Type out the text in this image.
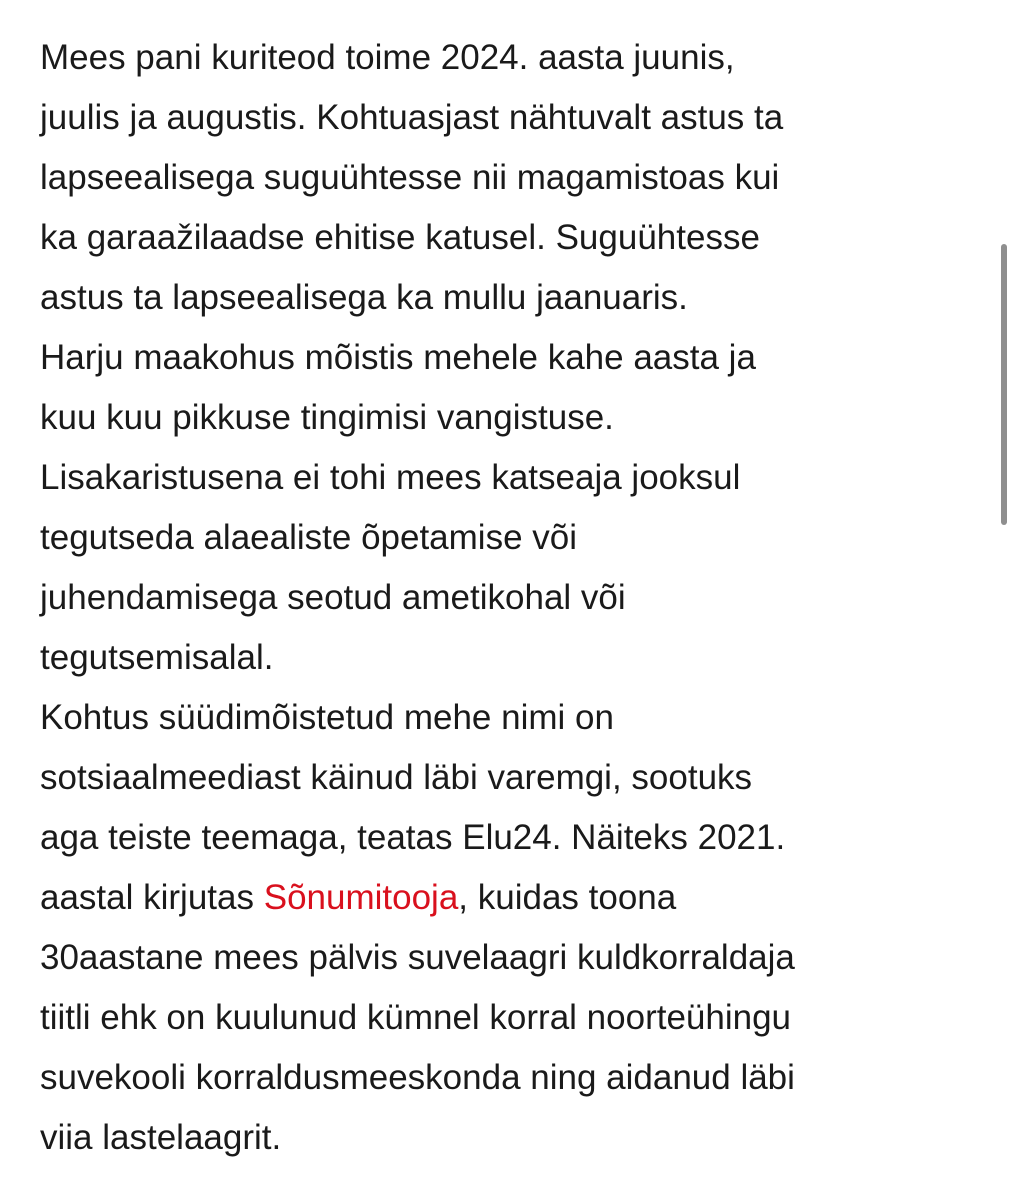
Mees pani kuriteod toime 2024. aasta juunis,
juulis ja augustis. Kohtuasjast nähtuvalt astus ta
lapseealisega suguühtesse nii magamistoas kui
ka garaažilaadse ehitise katusel. Suguühtesse
astus ta lapseealisega ka mullu jaanuaris.

Harju maakohus mõistis mehele kahe aasta ja
kuu kuu pikkuse tingimisi vangistuse.
Lisakaristusena ei tohi mees katseaja jooksul
tegutseda alaealiste õpetamise või
juhendamisega seotud ametikohal või
tegutsemisalal.

Kohtus süüdimõistetud mehe nimi on
sotsiaalmeediast käinud läbi varemgi, sootuks
aga teiste teemaga, teatas Elu24. Näiteks 2021.
aastal kirjutas Sõnumitooja, kuidas toona
30aastane mees pälvis suvelaagri kuldkorraldaja
tiitli ehk on kuulunud kümnel korral noorteühingu
suvekooli korraldusmeeskonda ning aidanud läbi
viia lastelaagrit.
